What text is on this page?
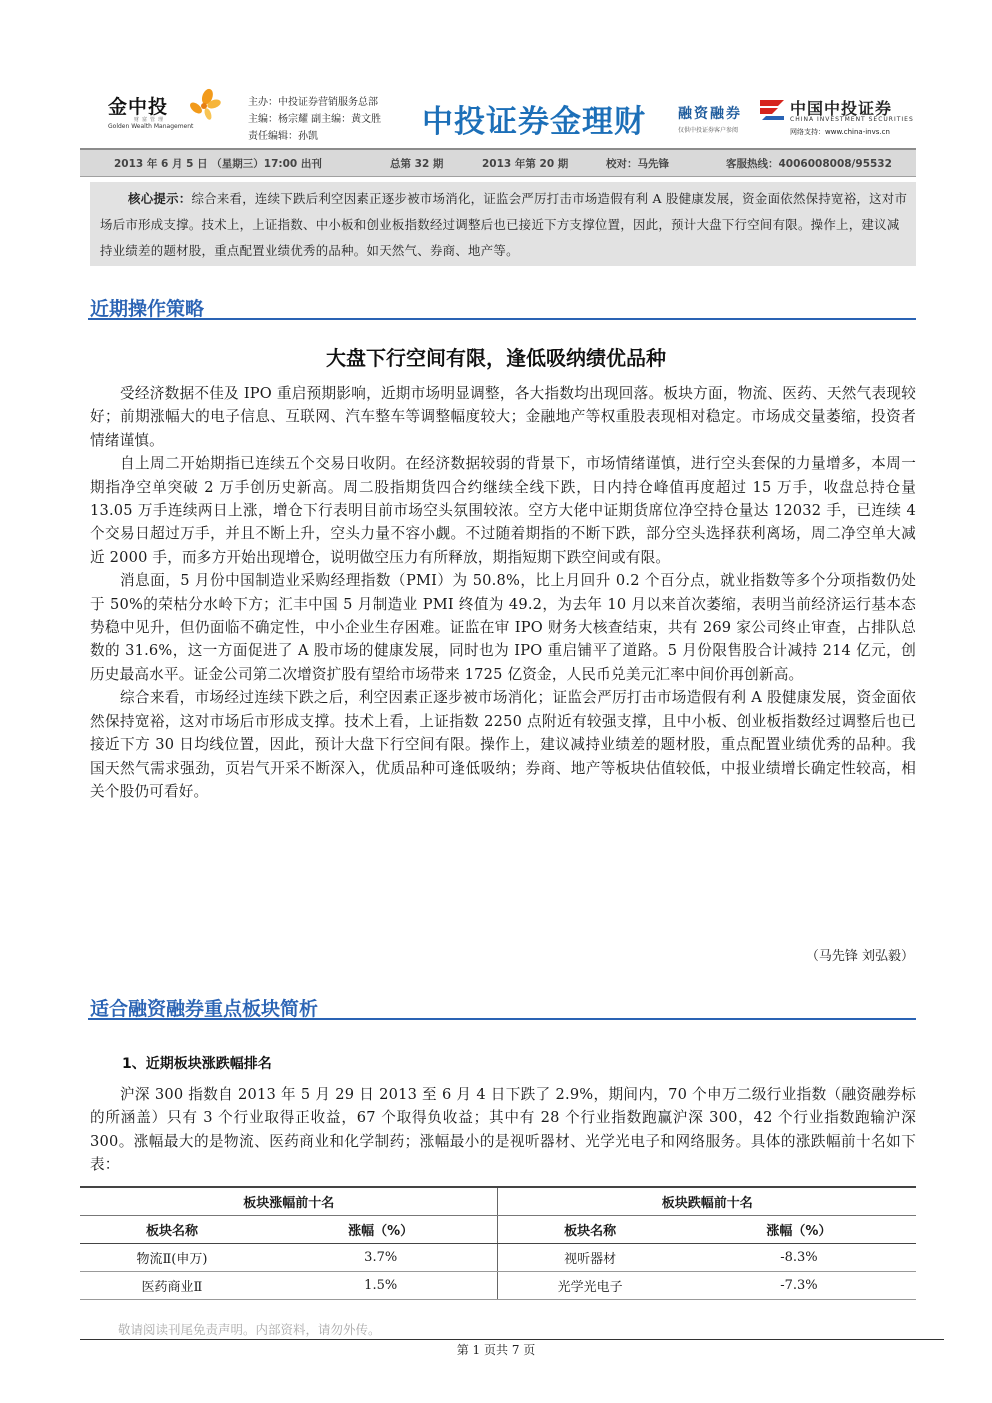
金中投
财富管理
Golden Wealth Management
主办：中投证券营销服务总部
主编：杨宗耀 副主编：黄文胜
责任编辑：孙凯	中投证券金理财 融资融券
仅供中投证券客户参阅
中国中投证券
CHINA INVESTMENT SECURITIES
网络支持：www.china-invs.cn
2013 年 6 月 5 日 （星期三）17:00 出刊	总第 32 期	2013 年第 20 期	校对：马先锋	客服热线：4006008008/95532

核心提示：综合来看，连续下跌后利空因素正逐步被市场消化，证监会严厉打击市场造假有利 A 股健康发展，资金面依然保持宽裕，这对市场后市形成支撑。技术上，上证指数、中小板和创业板指数经过调整后也已接近下方支撑位置，因此，预计大盘下行空间有限。操作上，建议减持业绩差的题材股，重点配置业绩优秀的品种。如天然气、券商、地产等。

近期操作策略
大盘下行空间有限，逢低吸纳绩优品种

受经济数据不佳及 IPO 重启预期影响，近期市场明显调整，各大指数均出现回落。板块方面，物流、医药、天然气表现较好；前期涨幅大的电子信息、互联网、汽车整车等调整幅度较大；金融地产等权重股表现相对稳定。市场成交量萎缩，投资者情绪谨慎。

自上周二开始期指已连续五个交易日收阴。在经济数据较弱的背景下，市场情绪谨慎，进行空头套保的力量增多，本周一期指净空单突破 2 万手创历史新高。周二股指期货四合约继续全线下跌，日内持仓峰值再度超过 15 万手，收盘总持仓量 13.05 万手连续两日上涨，增仓下行表明目前市场空头氛围较浓。空方大佬中证期货席位净空持仓量达 12032 手，已连续 4 个交易日超过万手，并且不断上升，空头力量不容小觑。不过随着期指的不断下跌，部分空头选择获利离场，周二净空单大减近 2000 手，而多方开始出现增仓，说明做空压力有所释放，期指短期下跌空间或有限。

消息面，5 月份中国制造业采购经理指数（PMI）为 50.8%，比上月回升 0.2 个百分点，就业指数等多个分项指数仍处于 50%的荣枯分水岭下方；汇丰中国 5 月制造业 PMI 终值为 49.2，为去年 10 月以来首次萎缩，表明当前经济运行基本态势稳中见升，但仍面临不确定性，中小企业生存困难。证监在审 IPO 财务大核查结束，共有 269 家公司终止审查，占排队总数的 31.6%，这一方面促进了 A 股市场的健康发展，同时也为 IPO 重启铺平了道路。5 月份限售股合计减持 214 亿元，创历史最高水平。证金公司第二次增资扩股有望给市场带来 1725 亿资金，人民币兑美元汇率中间价再创新高。

综合来看，市场经过连续下跌之后，利空因素正逐步被市场消化；证监会严厉打击市场造假有利 A 股健康发展，资金面依然保持宽裕，这对市场后市形成支撑。技术上看，上证指数 2250 点附近有较强支撑，且中小板、创业板指数经过调整后也已接近下方 30 日均线位置，因此，预计大盘下行空间有限。操作上，建议减持业绩差的题材股，重点配置业绩优秀的品种。我国天然气需求强劲，页岩气开采不断深入，优质品种可逢低吸纳；券商、地产等板块估值较低，中报业绩增长确定性较高，相关个股仍可看好。

（马先锋 刘弘毅）
适合融资融券重点板块简析
1、近期板块涨跌幅排名

沪深 300 指数自 2013 年 5 月 29 日 2013 至 6 月 4 日下跌了 2.9%，期间内，70 个申万二级行业指数（融资融券标的所涵盖）只有 3 个行业取得正收益，67 个取得负收益；其中有 28 个行业指数跑赢沪深 300，42 个行业指数跑输沪深 300。涨幅最大的是物流、医药商业和化学制药；涨幅最小的是视听器材、光学光电子和网络服务。具体的涨跌幅前十名如下表：

板块涨幅前十名		板块跌幅前十名	
板块名称	涨幅（%）	板块名称	涨幅（%）
物流Ⅱ(申万)	3.7%	视听器材	-8.3%
医药商业Ⅱ	1.5%	光学光电子	-7.3%
敬请阅读刊尾免责声明。内部资料，请勿外传。
第 1 页共 7 页
